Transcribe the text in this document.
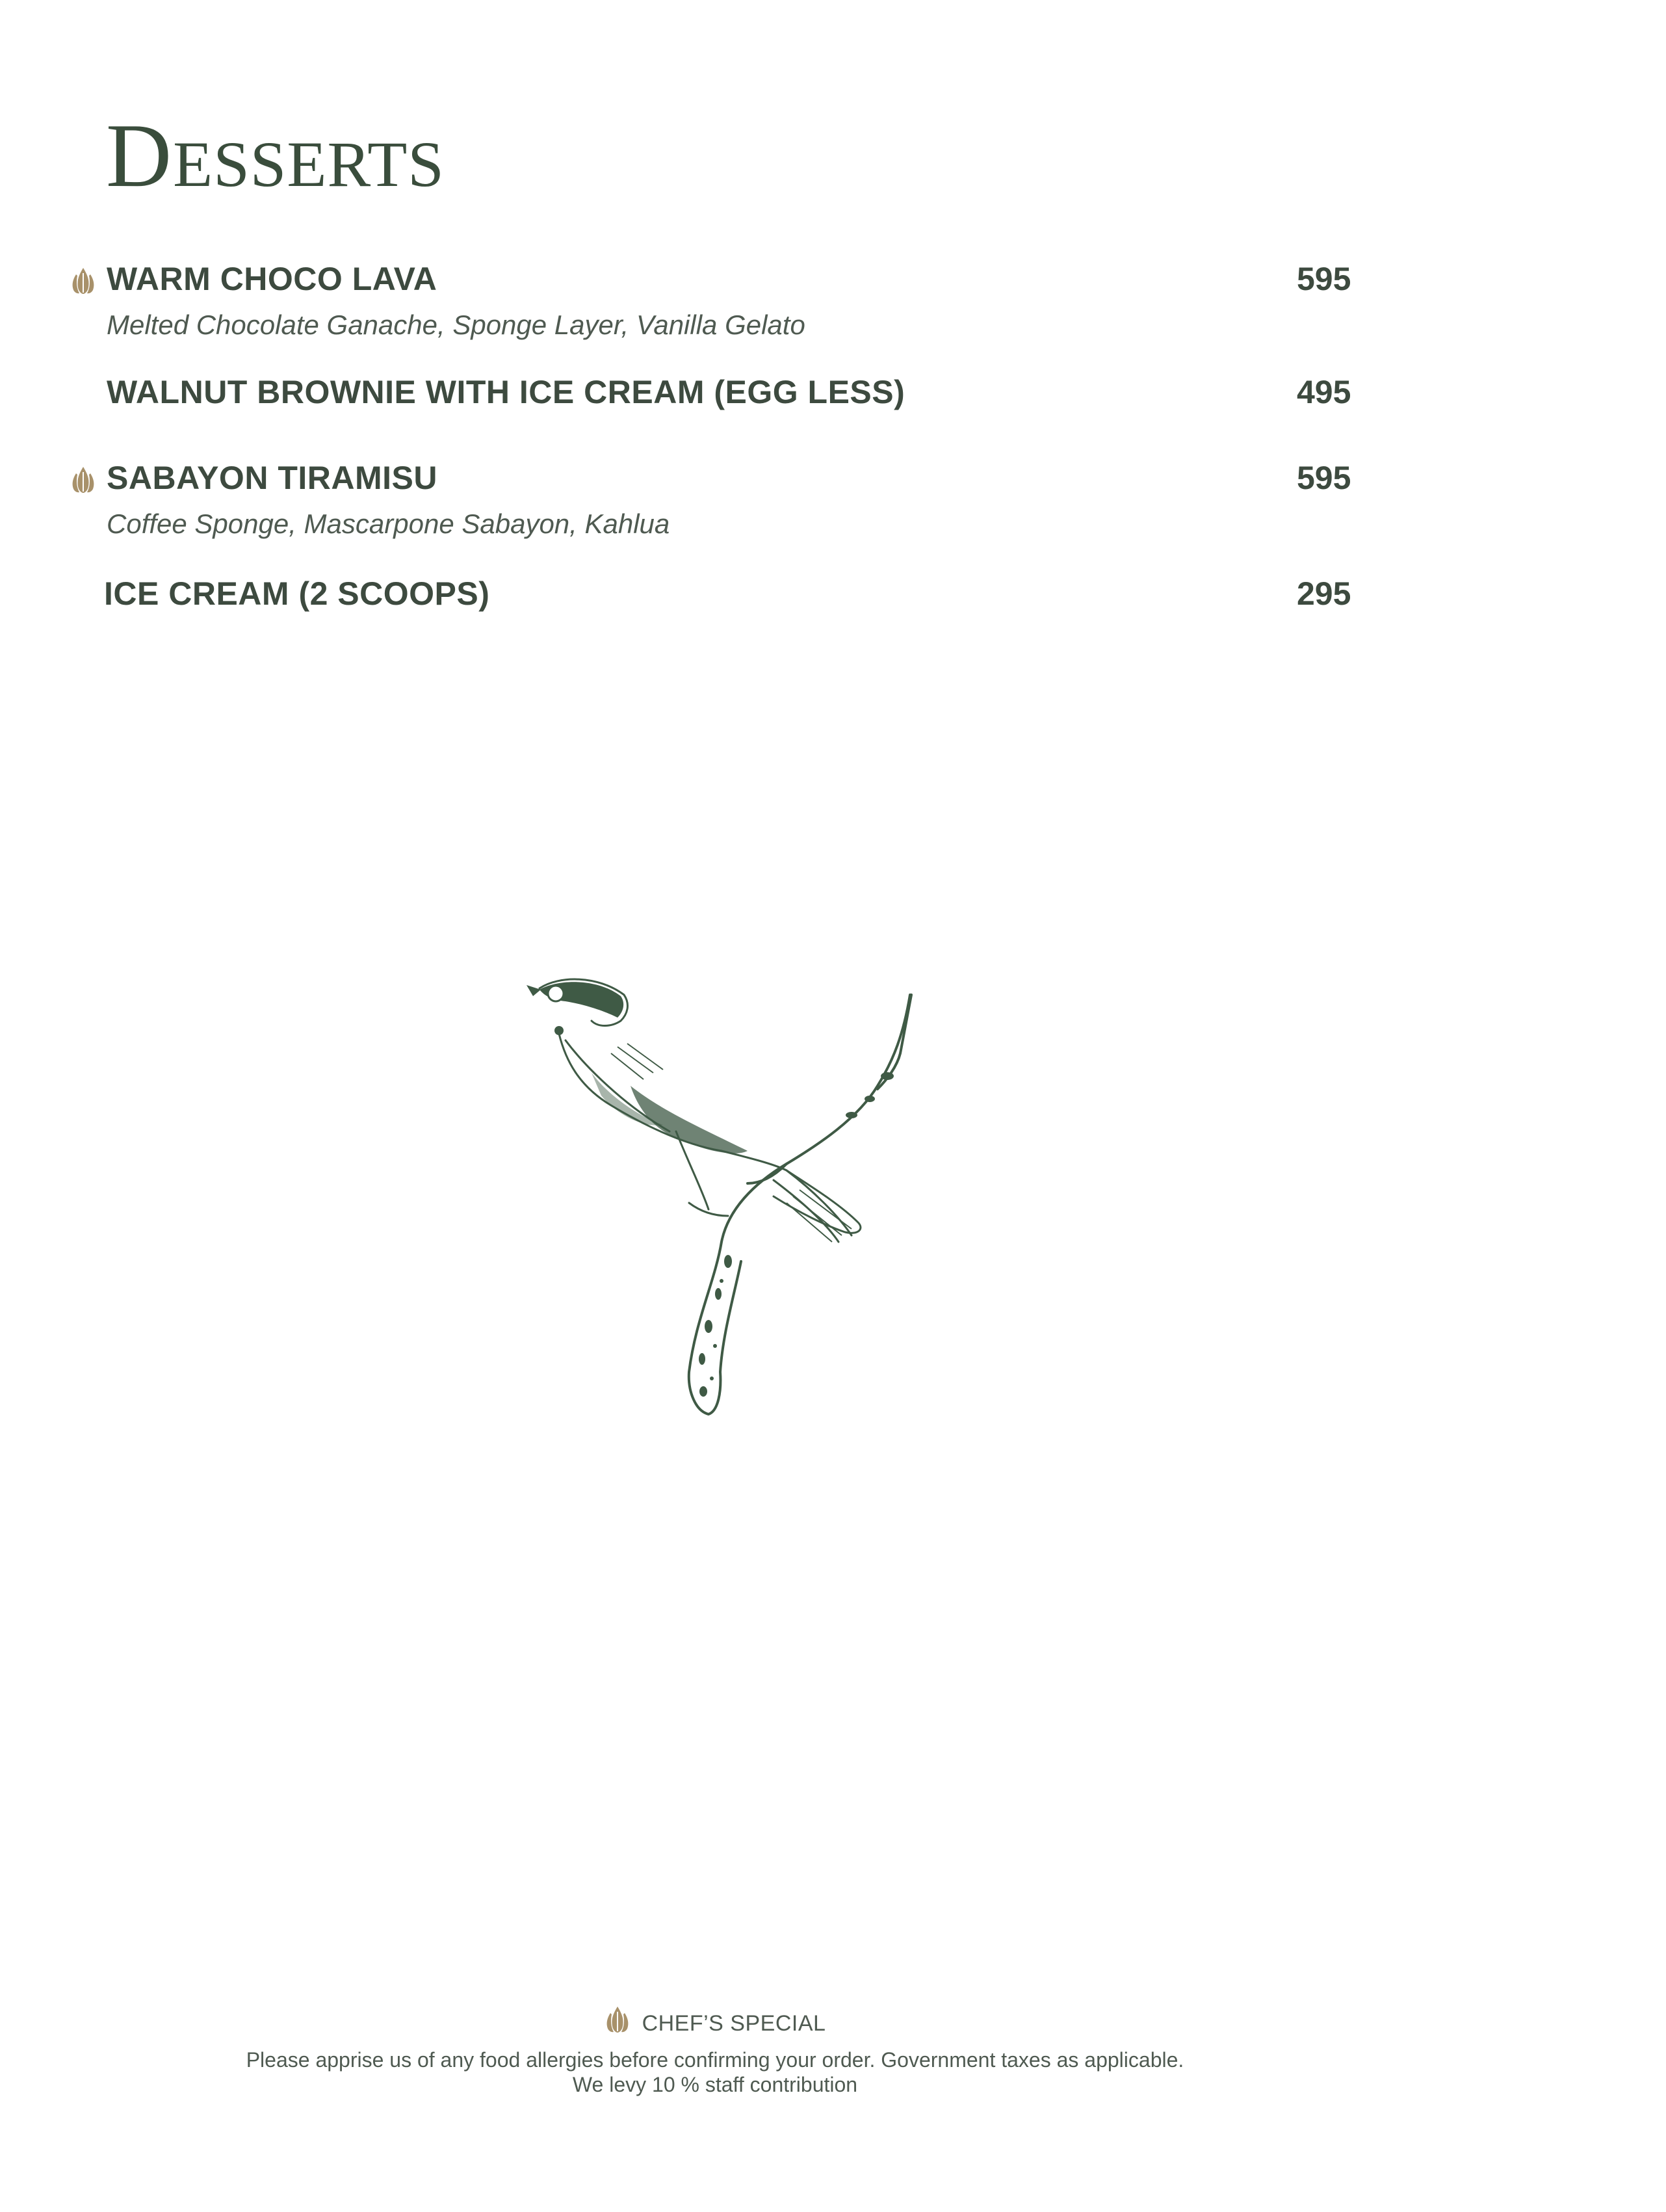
DESSERTS
WARM CHOCO LAVA	595
Melted Chocolate Ganache, Sponge Layer, Vanilla Gelato
WALNUT BROWNIE WITH ICE CREAM (EGG LESS)	495
SABAYON TIRAMISU	595
Coffee Sponge, Mascarpone Sabayon, Kahlua
ICE CREAM (2 SCOOPS)	295
CHEF’S SPECIAL
Please apprise us of any food allergies before confirming your order. Government taxes as applicable.
We levy 10 % staff contribution
